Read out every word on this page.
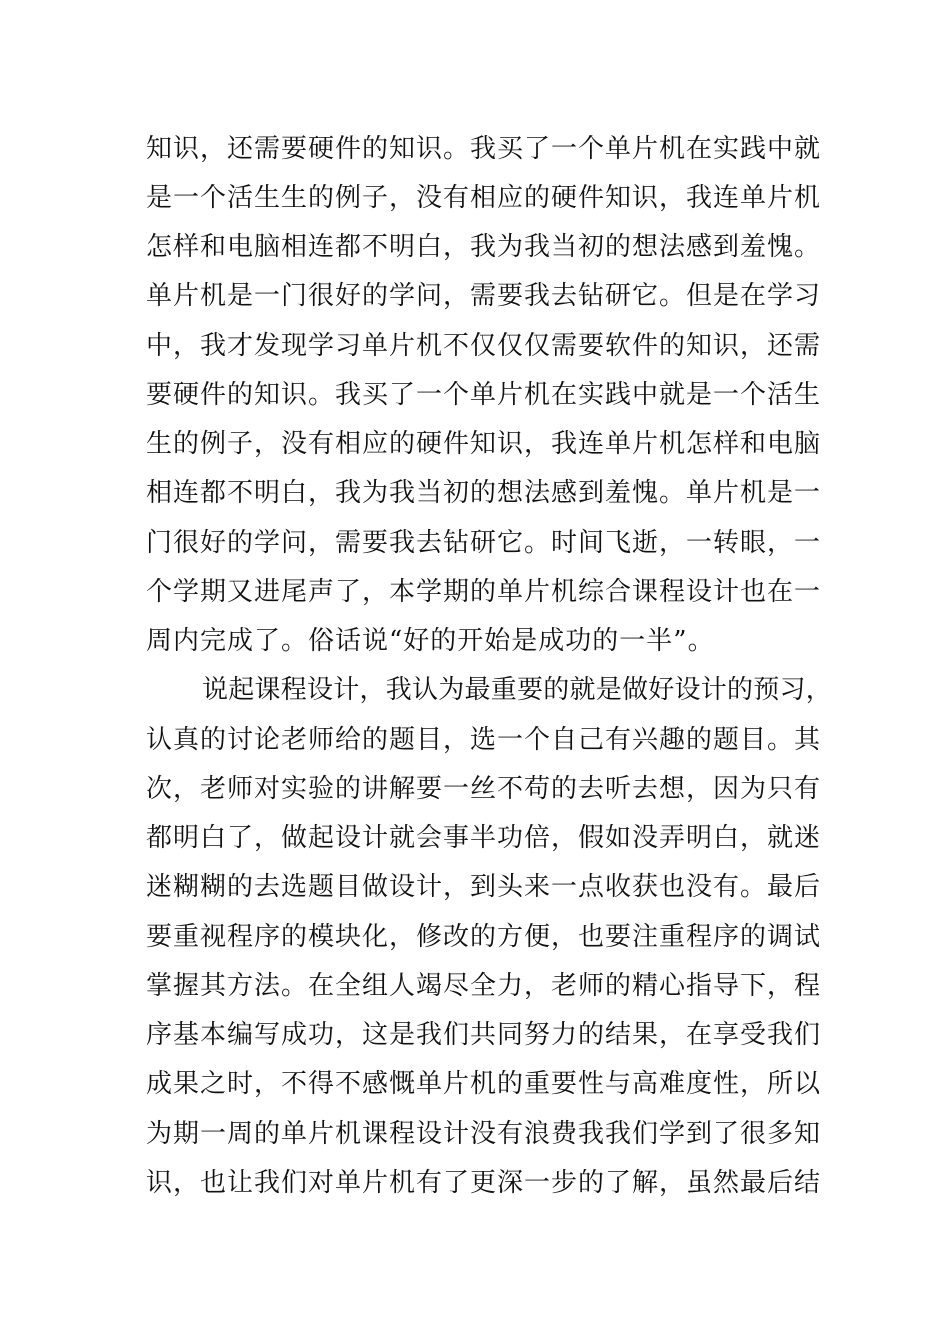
知识，还需要硬件的知识。我买了一个单片机在实践中就
是一个活生生的例子，没有相应的硬件知识，我连单片机
怎样和电脑相连都不明白，我为我当初的想法感到羞愧。
单片机是一门很好的学问，需要我去钻研它。但是在学习
中，我才发现学习单片机不仅仅仅需要软件的知识，还需
要硬件的知识。我买了一个单片机在实践中就是一个活生
生的例子，没有相应的硬件知识，我连单片机怎样和电脑
相连都不明白，我为我当初的想法感到羞愧。单片机是一
门很好的学问，需要我去钻研它。时间飞逝，一转眼，一
个学期又进尾声了，本学期的单片机综合课程设计也在一
周内完成了。俗话说“好的开始是成功的一半”。
说起课程设计，我认为最重要的就是做好设计的预习，
认真的讨论老师给的题目，选一个自己有兴趣的题目。其
次，老师对实验的讲解要一丝不苟的去听去想，因为只有
都明白了，做起设计就会事半功倍，假如没弄明白，就迷
迷糊糊的去选题目做设计，到头来一点收获也没有。最后
要重视程序的模块化，修改的方便，也要注重程序的调试
掌握其方法。在全组人竭尽全力，老师的精心指导下，程
序基本编写成功，这是我们共同努力的结果，在享受我们
成果之时，不得不感慨单片机的重要性与高难度性，所以
为期一周的单片机课程设计没有浪费我我们学到了很多知
识，也让我们对单片机有了更深一步的了解，虽然最后结
